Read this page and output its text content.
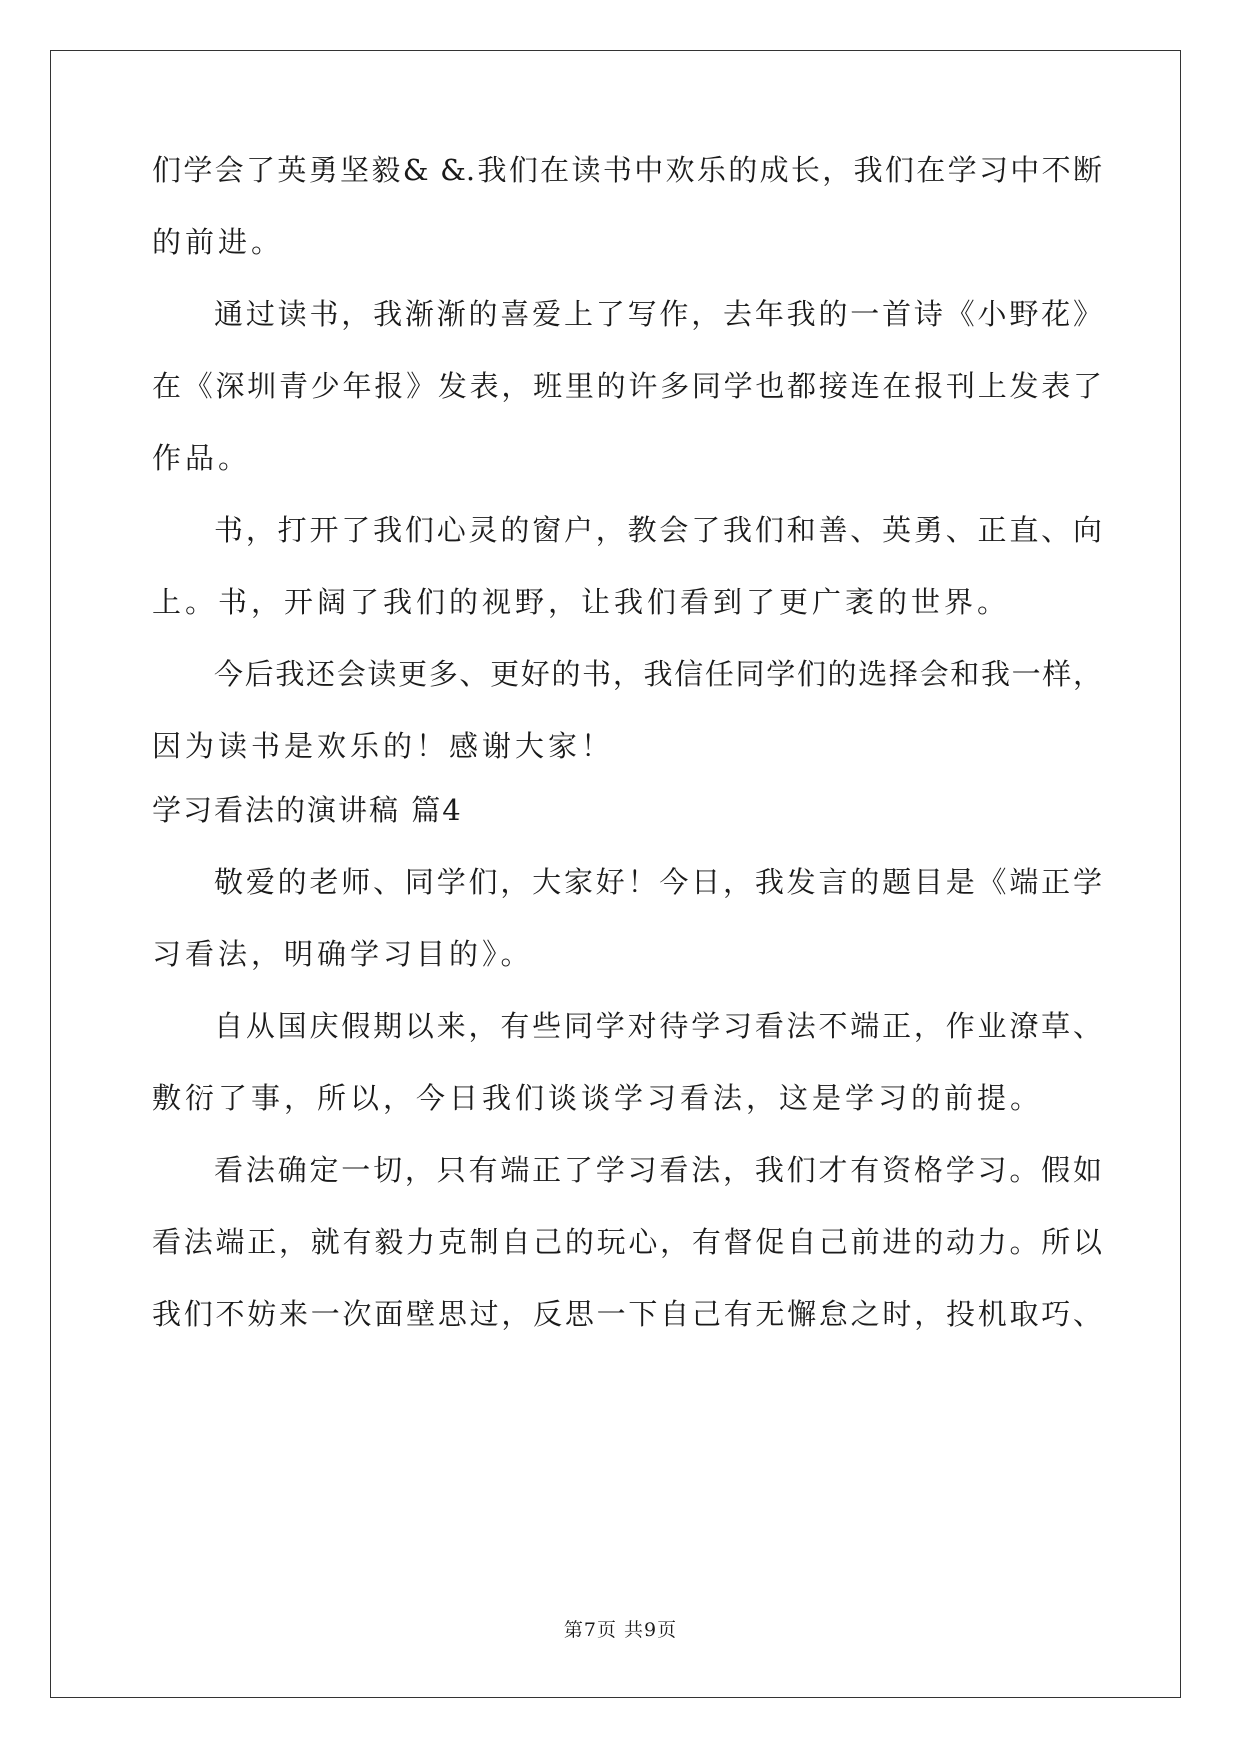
们学会了英勇坚毅& &.我们在读书中欢乐的成长，我们在学习中不断
的前进。
通过读书，我渐渐的喜爱上了写作，去年我的一首诗《小野花》
在《深圳青少年报》发表，班里的许多同学也都接连在报刊上发表了
作品。
书，打开了我们心灵的窗户，教会了我们和善、英勇、正直、向
上。书，开阔了我们的视野，让我们看到了更广袤的世界。
今后我还会读更多、更好的书，我信任同学们的选择会和我一样，
因为读书是欢乐的！感谢大家！
学习看法的演讲稿 篇4
敬爱的老师、同学们，大家好！今日，我发言的题目是《端正学
习看法，明确学习目的》。
自从国庆假期以来，有些同学对待学习看法不端正，作业潦草、
敷衍了事，所以，今日我们谈谈学习看法，这是学习的前提。
看法确定一切，只有端正了学习看法，我们才有资格学习。假如
看法端正，就有毅力克制自己的玩心，有督促自己前进的动力。所以
我们不妨来一次面壁思过，反思一下自己有无懈怠之时，投机取巧、
第7页 共9页
